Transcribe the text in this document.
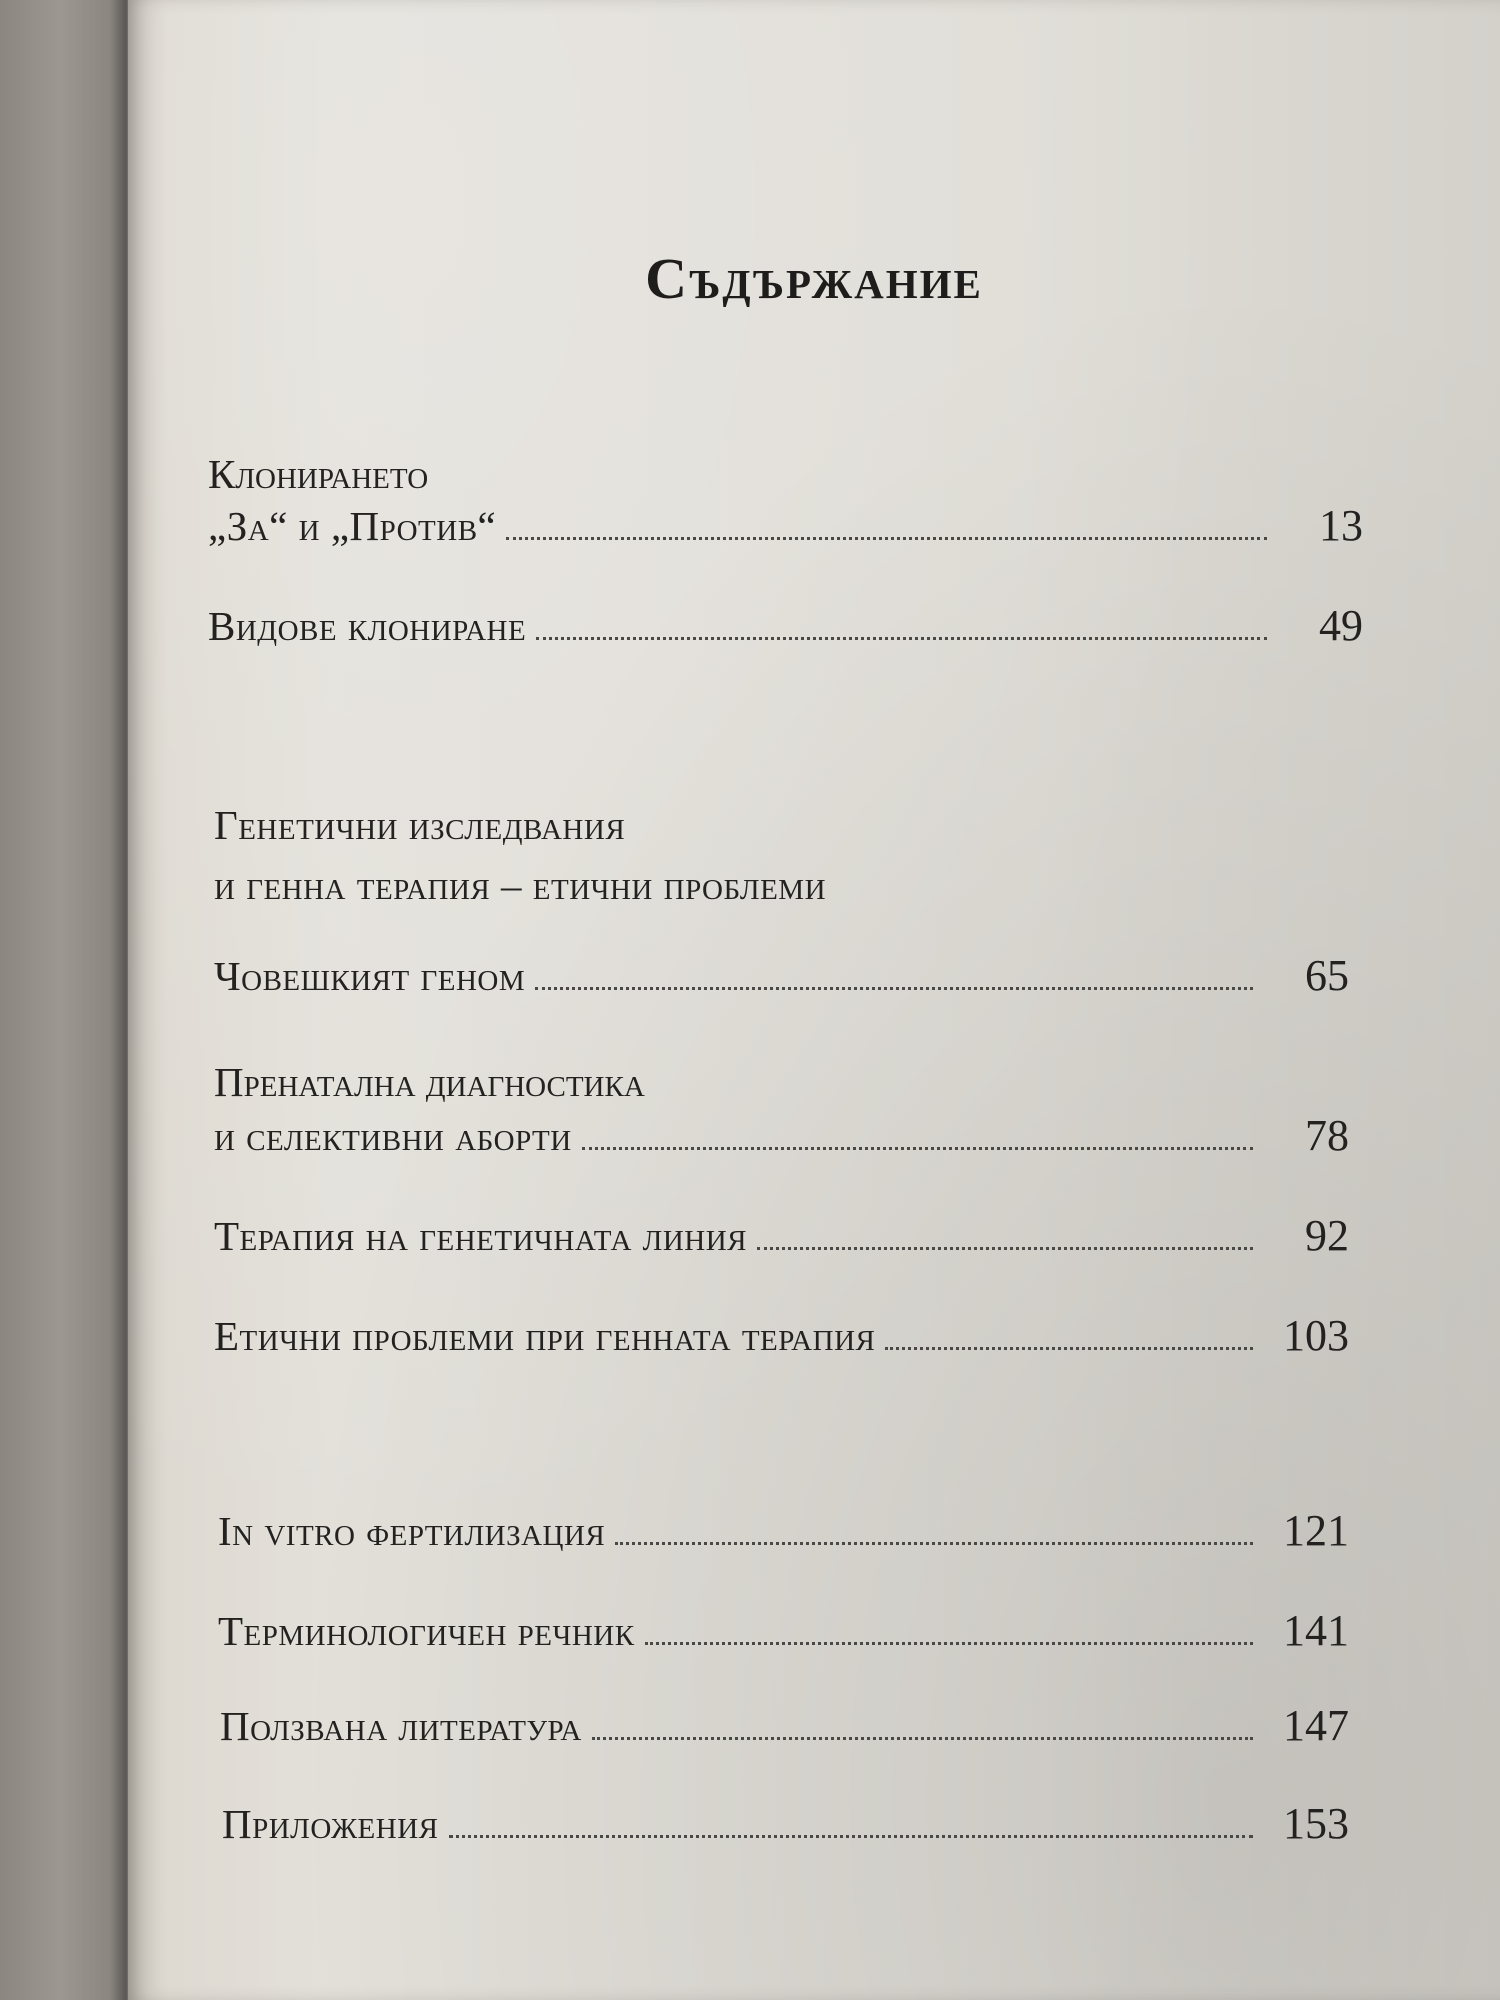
Съдържание
Клонирането
„За“ и „Против“	13
Видове клониране	49
Генетични изследвания
и генна терапия – етични проблеми
Човешкият геном	65
Пренатална диагностика
и селективни аборти	78
Терапия на генетичната линия	92
Етични проблеми при генната терапия	103
In vitro фертилизация	121
Терминологичен речник	141
Ползвана литература	147
Приложения	153
